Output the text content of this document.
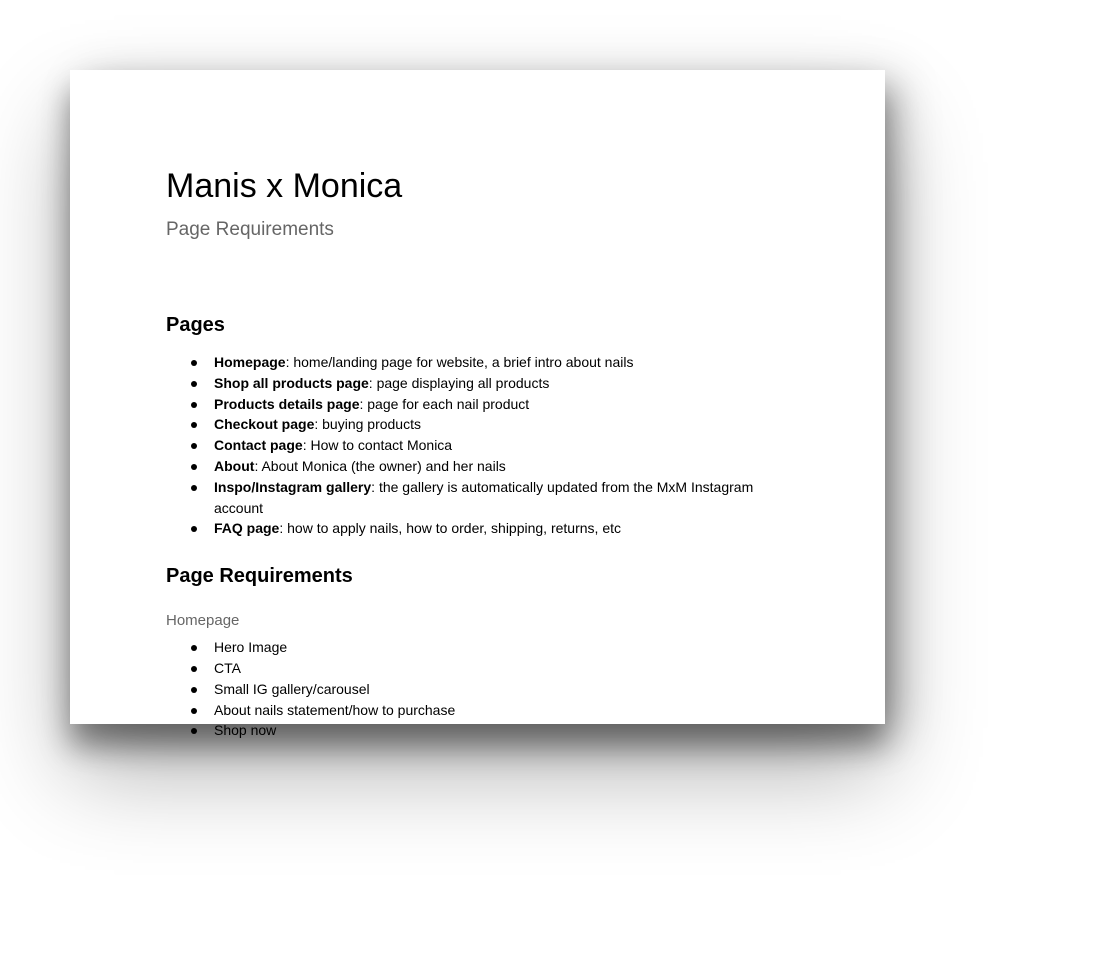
Manis x Monica
Page Requirements
Pages
Homepage: home/landing page for website, a brief intro about nails
Shop all products page: page displaying all products
Products details page: page for each nail product
Checkout page: buying products
Contact page: How to contact Monica
About: About Monica (the owner) and her nails
Inspo/Instagram gallery: the gallery is automatically updated from the MxM Instagram account
FAQ page: how to apply nails, how to order, shipping, returns, etc
Page Requirements
Homepage
Hero Image
CTA
Small IG gallery/carousel
About nails statement/how to purchase
Shop now
